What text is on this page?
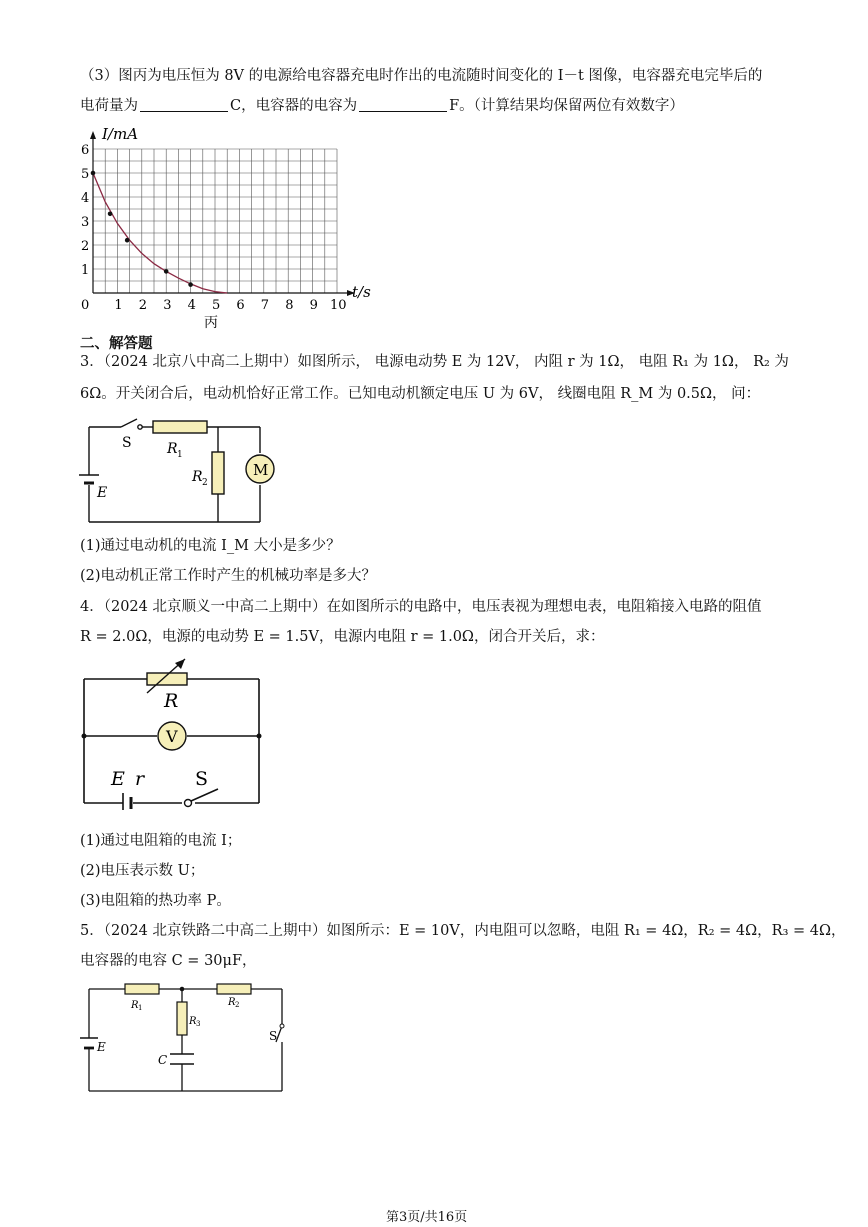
（3）图丙为电压恒为 8V 的电源给电容器充电时作出的电流随时间变化的 I－t 图像，电容器充电完毕后的
电荷量为	C，电容器的电容为	F。（计算结果均保留两位有效数字）
0 1 2 3 4 5 6 7 8 9 10
1
2
3
4
5
6
I/mA
t/s
丙
二、解答题
3．（2024 北京八中高二上期中）如图所示， 电源电动势 E 为 12V， 内阻 r 为 1Ω， 电阻 R₁ 为 1Ω， R₂ 为
6Ω。开关闭合后，电动机恰好正常工作。已知电动机额定电压 U 为 6V， 线圈电阻 R_M 为 0.5Ω， 问：
M
S	R 1
R 2
E
(1)通过电动机的电流 I_M 大小是多少？
(2)电动机正常工作时产生的机械功率是多大？
4．（2024 北京顺义一中高二上期中）在如图所示的电路中，电压表视为理想电表，电阻箱接入电路的阻值
R = 2.0Ω，电源的电动势 E = 1.5V，电源内电阻 r = 1.0Ω，闭合开关后，求：
R
V
E r	S
(1)通过电阻箱的电流 I；
(2)电压表示数 U；
(3)电阻箱的热功率 P。
5．（2024 北京铁路二中高二上期中）如图所示：E = 10V，内电阻可以忽略，电阻 R₁ = 4Ω，R₂ = 4Ω，R₃ = 4Ω，
电容器的电容 C = 30μF，
R 1	R 2
R 3
C
E
S
第3页/共16页
